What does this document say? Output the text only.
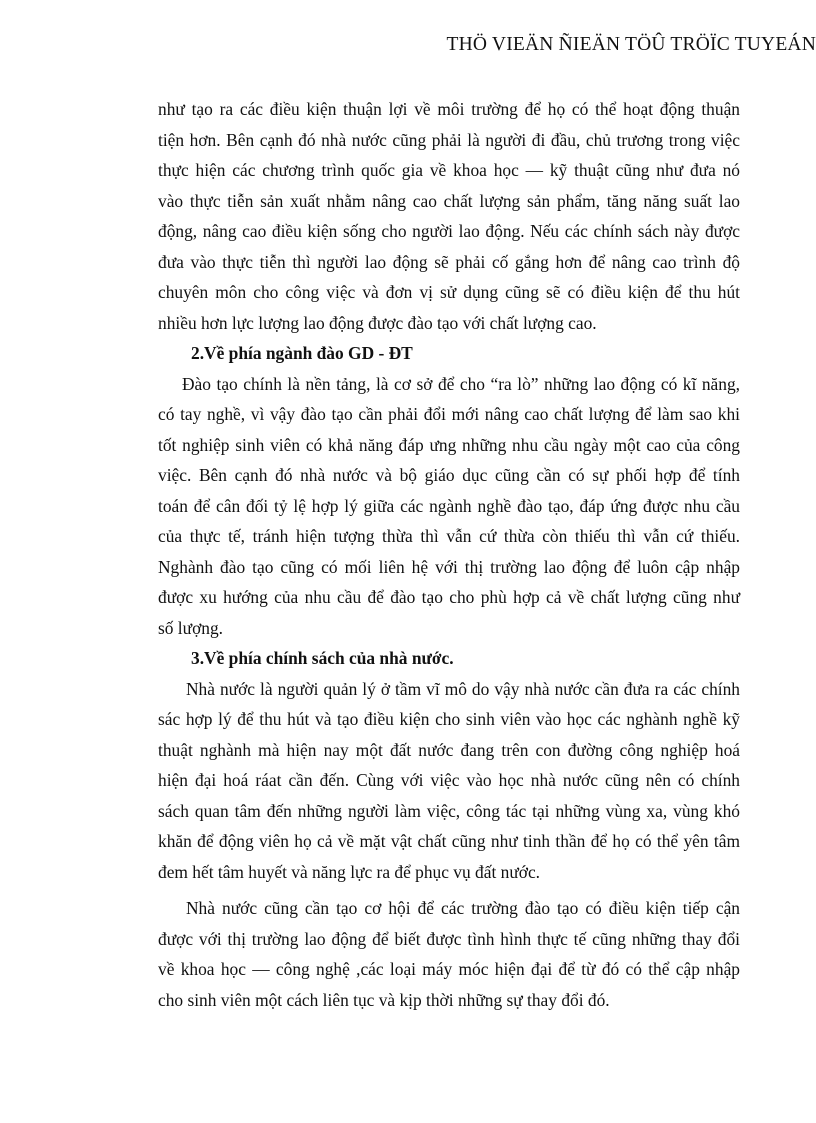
THÖ VIEÄN ÑIEÄN TÖÛ TRÖÏC TUYEÁN
như tạo ra các điều kiện thuận lợi về môi trường để họ có thể hoạt động thuận
tiện hơn. Bên cạnh đó nhà nước cũng phải là người đi đầu, chủ trương trong việc
thực hiện các chương trình quốc gia về khoa học — kỹ thuật cũng như đưa nó
vào thực tiễn sản xuất nhằm nâng cao chất lượng sản phẩm, tăng năng suất lao
động, nâng cao điều kiện sống cho người lao động. Nếu các chính sách này được
đưa vào thực tiễn thì người lao động sẽ phải cố gắng hơn để nâng cao trình độ
chuyên môn cho công việc và đơn vị sử dụng cũng sẽ có điều kiện để thu hút
nhiều hơn lực lượng lao động được đào tạo với chất lượng cao.
2.Về phía ngành đào GD - ĐT
Đào tạo chính là nền tảng, là cơ sở để cho “ra lò” những lao động có kĩ năng,
có tay nghề, vì vậy đào tạo cần phải đổi mới nâng cao chất lượng để làm sao khi
tốt nghiệp sinh viên có khả năng đáp ưng những nhu cầu ngày một cao của công
việc. Bên cạnh đó nhà nước và bộ giáo dục cũng cần có sự phối hợp để tính
toán để cân đối tỷ lệ hợp lý giữa các ngành nghề đào tạo, đáp ứng được nhu cầu
của thực tế, tránh hiện tượng thừa thì vẫn cứ thừa còn thiếu thì vẫn cứ thiếu.
Nghành đào tạo cũng có mối liên hệ với thị trường lao động để luôn cập nhập
được xu hướng của nhu cầu để đào tạo cho phù hợp cả về chất lượng cũng như
số lượng.
3.Về phía chính sách của nhà nước.
Nhà nước là người quản lý ở tầm vĩ mô do vậy nhà nước cần đưa ra các chính
sác hợp lý để thu hút và tạo điều kiện cho sinh viên vào học các nghành nghề kỹ
thuật nghành mà hiện nay một đất nước đang trên con đường công nghiệp hoá
hiện đại hoá ráat cần đến. Cùng với việc vào học nhà nước cũng nên có chính
sách quan tâm đến những người làm việc, công tác tại những vùng xa, vùng khó
khăn để động viên họ cả về mặt vật chất cũng như tinh thần để họ có thể yên tâm
đem hết tâm huyết và năng lực ra để phục vụ đất nước.
Nhà nước cũng cần tạo cơ hội để các trường đào tạo có điều kiện tiếp cận
được với thị trường lao động để biết được tình hình thực tế cũng những thay đổi
về khoa học — công nghệ ,các loại máy móc hiện đại để từ đó có thể cập nhập
cho sinh viên một cách liên tục và kịp thời những sự thay đổi đó.
